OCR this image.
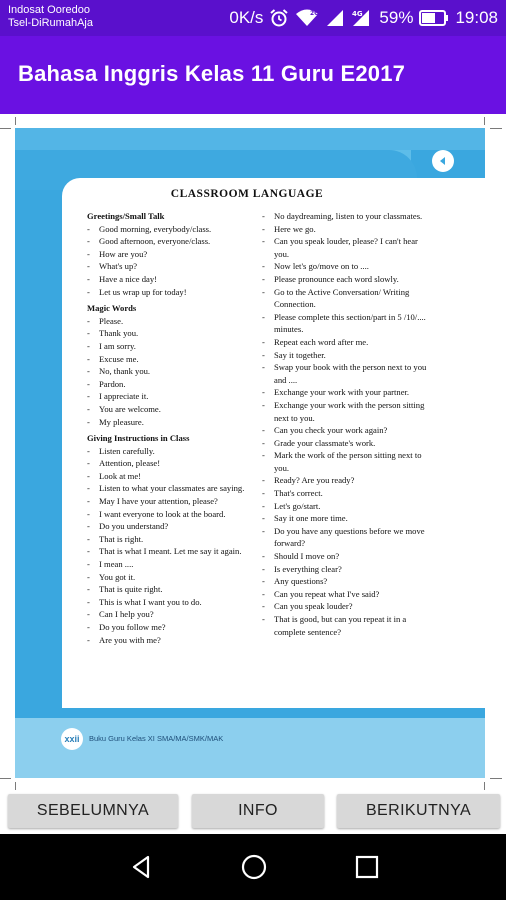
Indosat Ooredoo
Tsel-DiRumahAja	0K/s	2G	4G 59% 19:08
Bahasa Inggris Kelas 11 Guru E2017
CLASSROOM LANGUAGE
Greetings/Small Talk
- Good morning, everybody/class.
- Good afternoon, everyone/class.
- How are you?
- What's up?
- Have a nice day!
- Let us wrap up for today!
Magic Words
- Please.
- Thank you.
- I am sorry.
- Excuse me.
- No, thank you.
- Pardon.
- I appreciate it.
- You are welcome.
- My pleasure.
Giving Instructions in Class
- Listen carefully.
- Attention, please!
- Look at me!
- Listen to what your classmates are saying.
- May I have your attention, please?
- I want everyone to look at the board.
- Do you understand?
- That is right.
- That is what I meant. Let me say it again.
- I mean ....
- You got it.
- That is quite right.
- This is what I want you to do.
- Can I help you?
- Do you follow me?
- Are you with me?
- No daydreaming, listen to your classmates.
- Here we go.
- Can you speak louder, please? I can't hear you.
- Now let's go/move on to ....
- Please pronounce each word slowly.
- Go to the Active Conversation/ Writing Connection.
- Please complete this section/part in 5 /10/.... minutes.
- Repeat each word after me.
- Say it together.
- Swap your book with the person next to you and ....
- Exchange your work with your partner.
- Exchange your work with the person sitting next to you.
- Can you check your work again?
- Grade your classmate's work.
- Mark the work of the person sitting next to you.
- Ready? Are you ready?
- That's correct.
- Let's go/start.
- Say it one more time.
- Do you have any questions before we move forward?
- Should I move on?
- Is everything clear?
- Any questions?
- Can you repeat what I've said?
- Can you speak louder?
- That is good, but can you repeat it in a complete sentence?
xxii	Buku Guru Kelas XI SMA/MA/SMK/MAK
SEBELUMNYA	INFO	BERIKUTNYA
